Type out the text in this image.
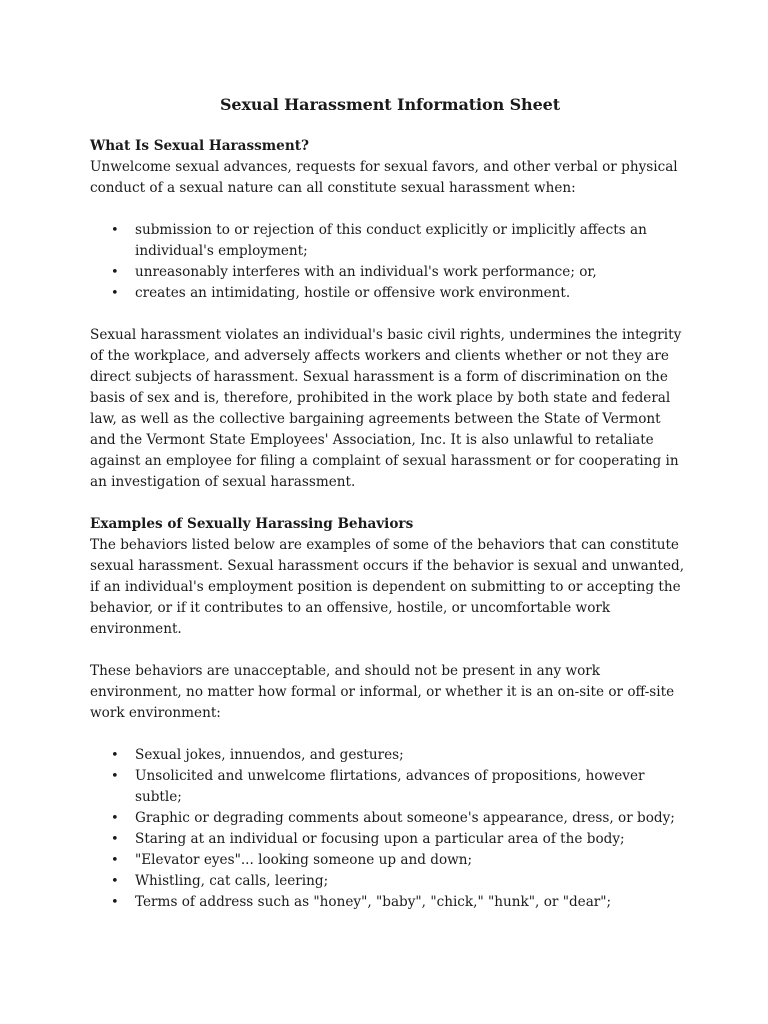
Sexual Harassment Information Sheet
What Is Sexual Harassment?

Unwelcome sexual advances, requests for sexual favors, and other verbal or physical conduct of a sexual nature can all constitute sexual harassment when:

• submission to or rejection of this conduct explicitly or implicitly affects an individual's employment;
• unreasonably interferes with an individual's work performance; or,
• creates an intimidating, hostile or offensive work environment.

Sexual harassment violates an individual's basic civil rights, undermines the integrity of the workplace, and adversely affects workers and clients whether or not they are direct subjects of harassment. Sexual harassment is a form of discrimination on the basis of sex and is, therefore, prohibited in the work place by both state and federal law, as well as the collective bargaining agreements between the State of Vermont and the Vermont State Employees' Association, Inc. It is also unlawful to retaliate against an employee for filing a complaint of sexual harassment or for cooperating in an investigation of sexual harassment.

Examples of Sexually Harassing Behaviors

The behaviors listed below are examples of some of the behaviors that can constitute sexual harassment. Sexual harassment occurs if the behavior is sexual and unwanted, if an individual's employment position is dependent on submitting to or accepting the behavior, or if it contributes to an offensive, hostile, or uncomfortable work environment.

These behaviors are unacceptable, and should not be present in any work environment, no matter how formal or informal, or whether it is an on-site or off-site work environment:

• Sexual jokes, innuendos, and gestures;
• Unsolicited and unwelcome flirtations, advances of propositions, however subtle;
• Graphic or degrading comments about someone's appearance, dress, or body;
• Staring at an individual or focusing upon a particular area of the body;
• "Elevator eyes"... looking someone up and down;
• Whistling, cat calls, leering;
• Terms of address such as "honey", "baby", "chick," "hunk", or "dear";
